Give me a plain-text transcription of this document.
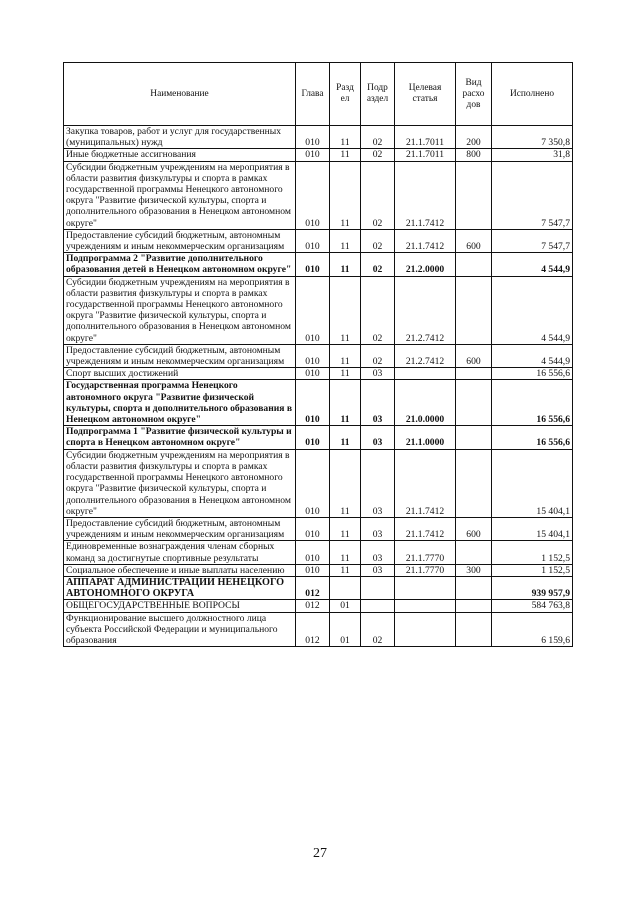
Наименование	Глава	Разд ел	Подр аздел	Целевая статья	Вид расхо дов	Исполнено
Закупка товаров, работ и услуг для государственных (муниципальных) нужд	010	11	02	21.1.7011	200	7 350,8
Иные бюджетные ассигнования	010	11	02	21.1.7011	800	31,8
Субсидии бюджетным учреждениям на мероприятия в области развития физкультуры и спорта в рамках государственной программы Ненецкого автономного округа "Развитие физической культуры, спорта и дополнительного образования в Ненецком автономном округе"	010	11	02	21.1.7412		7 547,7
Предоставление субсидий бюджетным, автономным учреждениям и иным некоммерческим организациям	010	11	02	21.1.7412	600	7 547,7
Подпрограмма 2 "Развитие дополнительного образования детей в Ненецком автономном округе"	010	11	02	21.2.0000		4 544,9
Субсидии бюджетным учреждениям на мероприятия в области развития физкультуры и спорта в рамках государственной программы Ненецкого автономного округа "Развитие физической культуры, спорта и дополнительного образования в Ненецком автономном округе"	010	11	02	21.2.7412		4 544,9
Предоставление субсидий бюджетным, автономным учреждениям и иным некоммерческим организациям	010	11	02	21.2.7412	600	4 544,9
Спорт высших достижений	010	11	03			16 556,6
Государственная программа Ненецкого автономного округа "Развитие физической культуры, спорта и дополнительного образования в Ненецком автономном округе"	010	11	03	21.0.0000		16 556,6
Подпрограмма 1 "Развитие физической культуры и спорта в Ненецком автономном округе"	010	11	03	21.1.0000		16 556,6
Субсидии бюджетным учреждениям на мероприятия в области развития физкультуры и спорта в рамках государственной программы Ненецкого автономного округа "Развитие физической культуры, спорта и дополнительного образования в Ненецком автономном округе"	010	11	03	21.1.7412		15 404,1
Предоставление субсидий бюджетным, автономным учреждениям и иным некоммерческим организациям	010	11	03	21.1.7412	600	15 404,1
Единовременные вознаграждения членам сборных команд за достигнутые спортивные результаты	010	11	03	21.1.7770		1 152,5
Социальное обеспечение и иные выплаты населению	010	11	03	21.1.7770	300	1 152,5
АППАРАТ АДМИНИСТРАЦИИ НЕНЕЦКОГО АВТОНОМНОГО ОКРУГА	012					939 957,9
ОБЩЕГОСУДАРСТВЕННЫЕ ВОПРОСЫ	012	01				584 763,8
Функционирование высшего должностного лица субъекта Российской Федерации и муниципального образования	012	01	02			6 159,6
27
